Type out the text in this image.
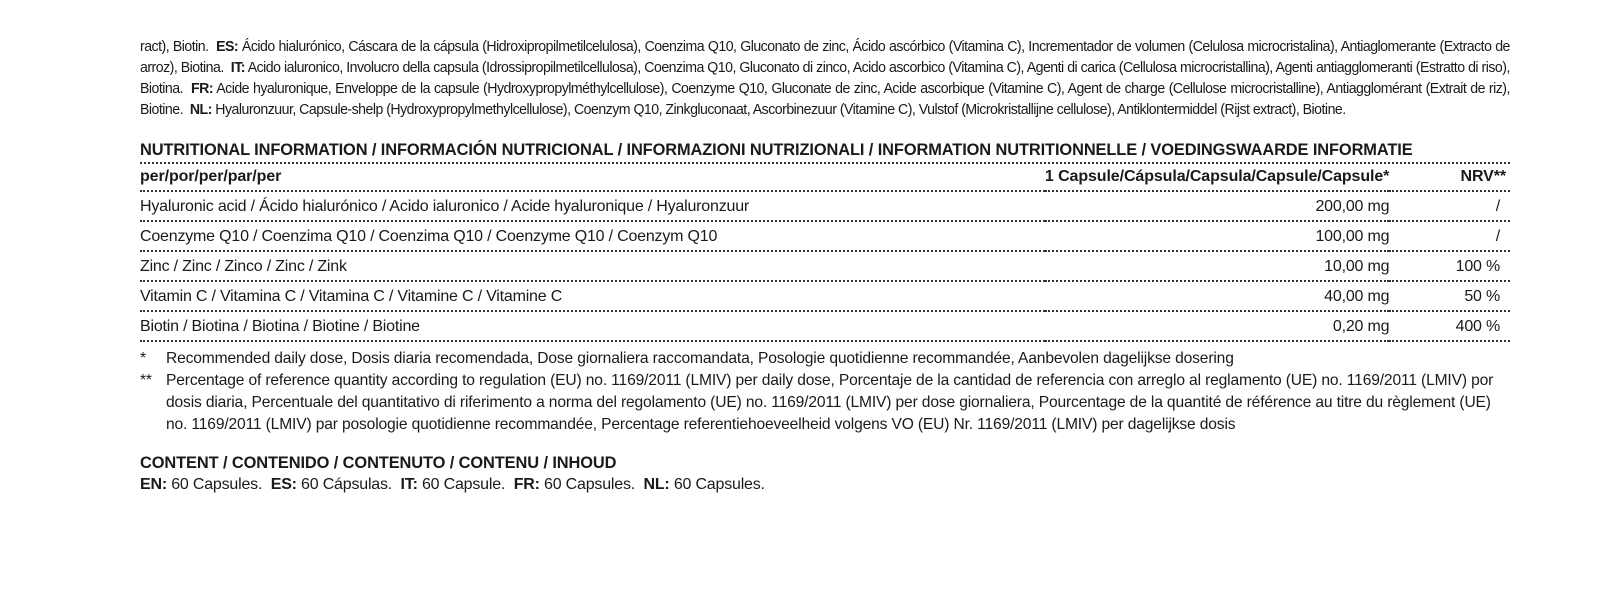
ract), Biotin. ES: Ácido hialurónico, Cáscara de la cápsula (Hidroxipropilmetilcelulosa), Coenzima Q10, Gluconato de zinc, Ácido ascórbico (Vitamina C), Incrementador de volumen (Celulosa microcristalina), Antiaglomerante (Extracto de arroz), Biotina. IT: Acido ialuronico, Involucro della capsula (Idrossipropilmetilcellulosa), Coenzima Q10, Gluconato di zinco, Acido ascorbico (Vitamina C), Agenti di carica (Cellulosa microcristallina), Agenti antiagglomeranti (Estratto di riso), Biotina. FR: Acide hyaluronique, Enveloppe de la capsule (Hydroxypropylméthylcellulose), Coenzyme Q10, Gluconate de zinc, Acide ascorbique (Vitamine C), Agent de charge (Cellulose microcristalline), Antiagglomérant (Extrait de riz), Biotine. NL: Hyaluronzuur, Capsule-shelp (Hydroxypropylmethylcellulose), Coenzym Q10, Zinkgluconaat, Ascorbinezuur (Vitamine C), Vulstof (Microkristallijne cellulose), Antiklontermiddel (Rijst extract), Biotine.

NUTRITIONAL INFORMATION / INFORMACIÓN NUTRICIONAL / INFORMAZIONI NUTRIZIONALI / INFORMATION NUTRITIONNELLE / VOEDINGSWAARDE INFORMATIE
per/por/per/par/per	1 Capsule/Cápsula/Capsula/Capsule/Capsule*	NRV**
Hyaluronic acid / Ácido hialurónico / Acido ialuronico / Acide hyaluronique / Hyaluronzuur	200,00 mg	/
Coenzyme Q10 / Coenzima Q10 / Coenzima Q10 / Coenzyme Q10 / Coenzym Q10	100,00 mg	/
Zinc / Zinc / Zinco / Zinc / Zink	10,00 mg	100 %
Vitamin C / Vitamina C / Vitamina C / Vitamine C / Vitamine C	40,00 mg	50 %
Biotin / Biotina / Biotina / Biotine / Biotine	0,20 mg	400 %
*	Recommended daily dose, Dosis diaria recomendada, Dose giornaliera raccomandata, Posologie quotidienne recommandée, Aanbevolen dagelijkse dosering
** Percentage of reference quantity according to regulation (EU) no. 1169/2011 (LMIV) per daily dose, Porcentaje de la cantidad de referencia con arreglo al reglamento (UE) no. 1169/2011 (LMIV) por dosis diaria, Percentuale del quantitativo di riferimento a norma del regolamento (UE) no. 1169/2011 (LMIV) per dose giornaliera, Pourcentage de la quantité de référence au titre du règlement (UE) no. 1169/2011 (LMIV) par posologie quotidienne recommandée, Percentage referentiehoeveelheid volgens VO (EU) Nr. 1169/2011 (LMIV) per dagelijkse dosis
CONTENT / CONTENIDO / CONTENUTO / CONTENU / INHOUD
EN: 60 Capsules. ES: 60 Cápsulas. IT: 60 Capsule. FR: 60 Capsules. NL: 60 Capsules.
